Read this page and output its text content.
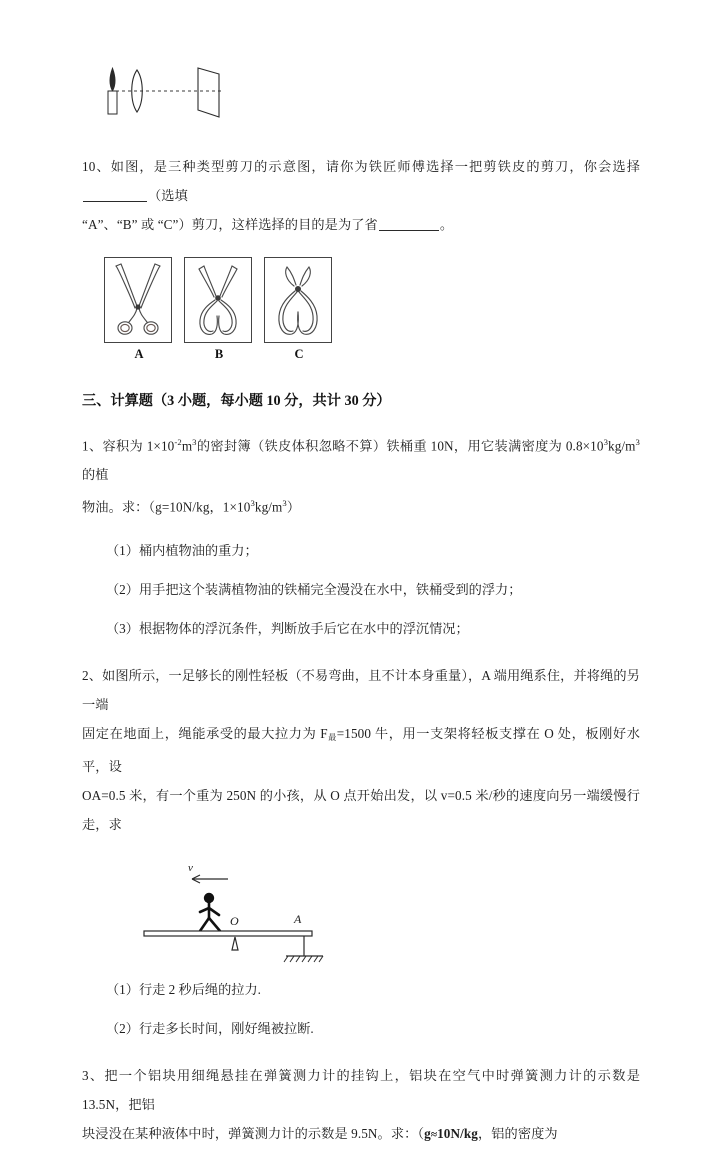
10、如图，是三种类型剪刀的示意图，请你为铁匠师傅选择一把剪铁皮的剪刀，你会选择（选填
“A”、“B” 或 “C”）剪刀，这样选择的目的是为了省	。
A	B	C
三、计算题（3 小题，每小题 10 分，共计 30 分）
1、容积为 $1\times 10^{-2}m^3$的密封簿（铁皮体积忽略不算）铁桶重 10N，用它装满密度为 $0.8\times 10^3kg/m^3$的植
物油。求：（g=10N/kg，$1\times 10^3kg/m^3$）
（1）桶内植物油的重力；
（2）用手把这个装满植物油的铁桶完全漫没在水中，铁桶受到的浮力；
（3）根据物体的浮沉条件，判断放手后它在水中的浮沉情况；
2、如图所示，一足够长的刚性轻板（不易弯曲，且不计本身重量），A 端用绳系住，并将绳的另一端
固定在地面上，绳能承受的最大拉力为 $F_最=1500$ 牛，用一支架将轻板支撑在 O 处，板刚好水平，设
OA=0.5 米，有一个重为 250N 的小孩，从 O 点开始出发，以 v=0.5 米/秒的速度向另一端缓慢行走，求
v
O	A
（1）行走 2 秒后绳的拉力.
（2）行走多长时间，刚好绳被拉断.
3、把一个铝块用细绳悬挂在弹簧测力计的挂钩上，铝块在空气中时弹簧测力计的示数是 13.5N，把铝
块浸没在某种液体中时，弹簧测力计的示数是 9.5N。求：（g≈10N/kg，铝的密度为
